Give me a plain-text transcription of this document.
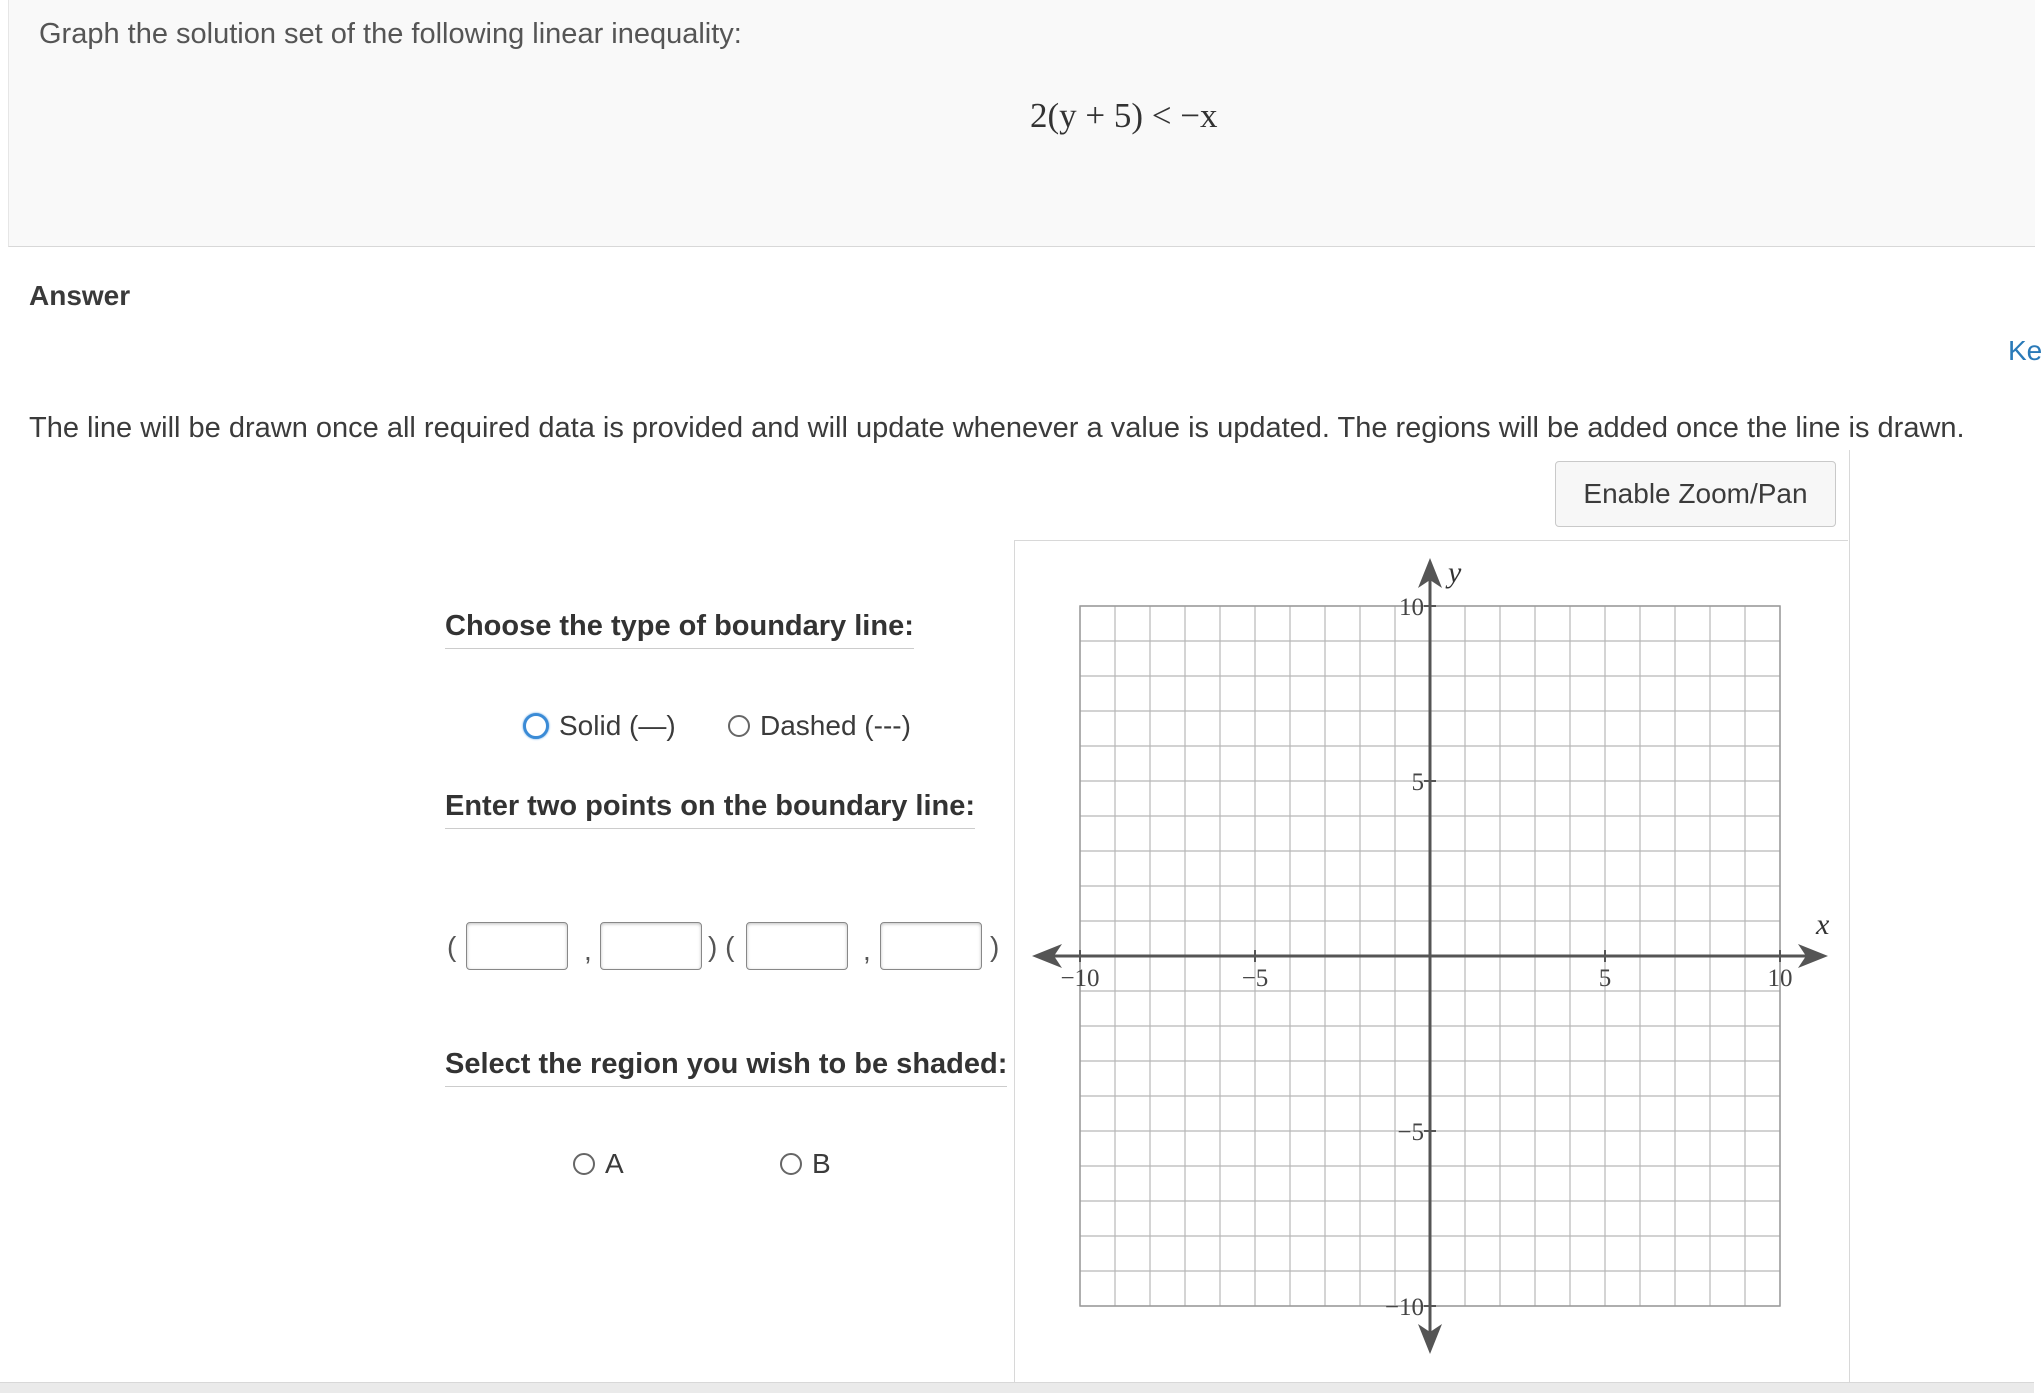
Graph the solution set of the following linear inequality:
2(y + 5) < −x
Answer
Ke
The line will be drawn once all required data is provided and will update whenever a value is updated. The regions will be added once the line is drawn.
Choose the type of boundary line:
Solid (—)	Dashed (---)
Enter two points on the boundary line:
(	,	) (	,	)
Select the region you wish to be shaded:
A	B
Enable Zoom/Pan
x
y
−10	−5	5	10
10
5
−5
−10
